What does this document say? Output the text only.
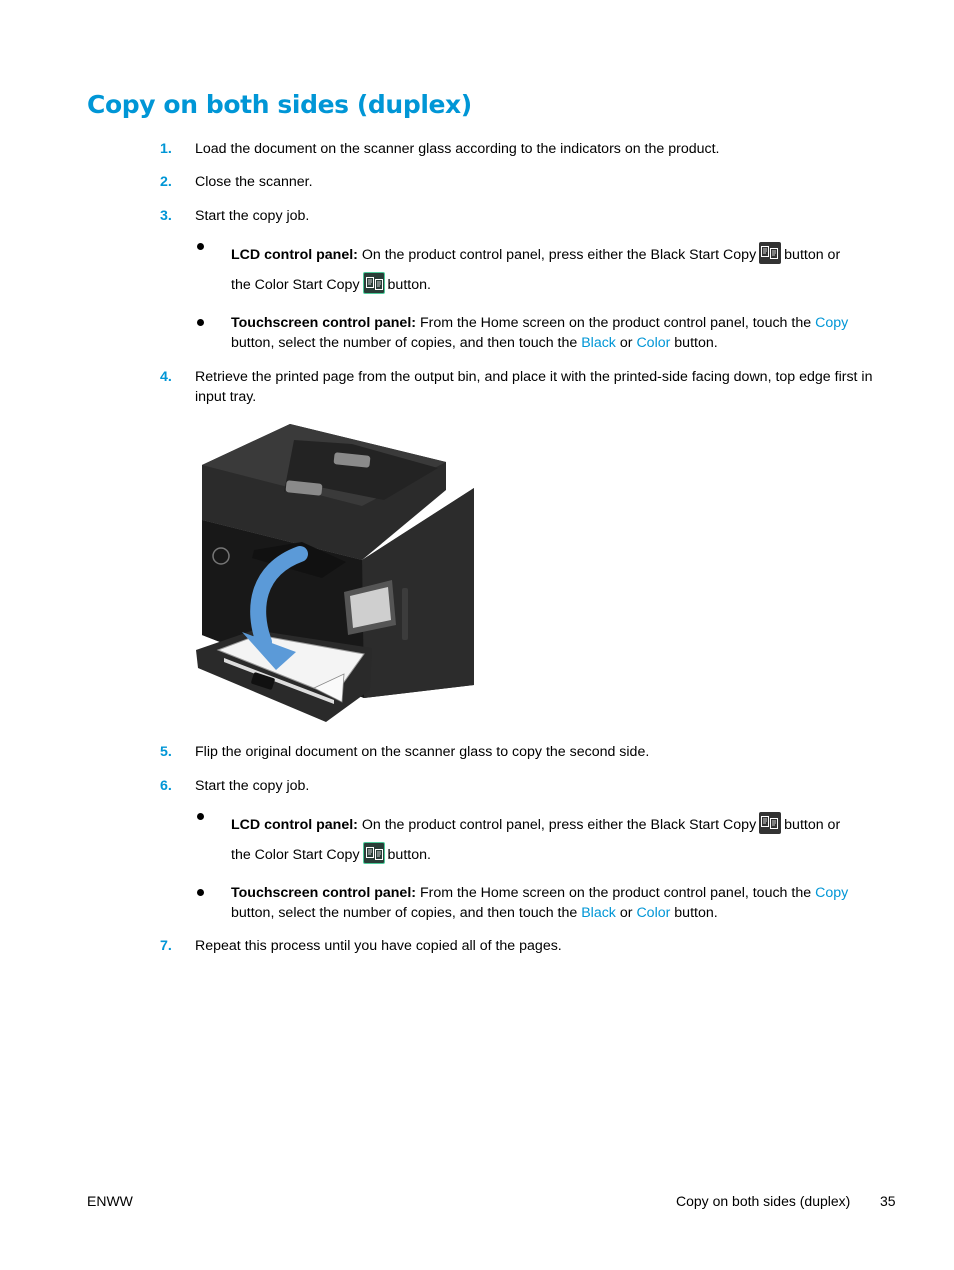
Copy on both sides (duplex)
1. Load the document on the scanner glass according to the indicators on the product.
2. Close the scanner.
3. Start the copy job.
LCD control panel: On the product control panel, press either the Black Start Copy button or
the Color Start Copy button.
Touchscreen control panel: From the Home screen on the product control panel, touch the Copy button, select the number of copies, and then touch the Black or Color button.
4. Retrieve the printed page from the output bin, and place it with the printed-side facing down, top edge first in input tray.
5. Flip the original document on the scanner glass to copy the second side.
6. Start the copy job.
LCD control panel: On the product control panel, press either the Black Start Copy button or
the Color Start Copy button.
Touchscreen control panel: From the Home screen on the product control panel, touch the Copy button, select the number of copies, and then touch the Black or Color button.
7. Repeat this process until you have copied all of the pages.
ENWW	Copy on both sides (duplex) 35
